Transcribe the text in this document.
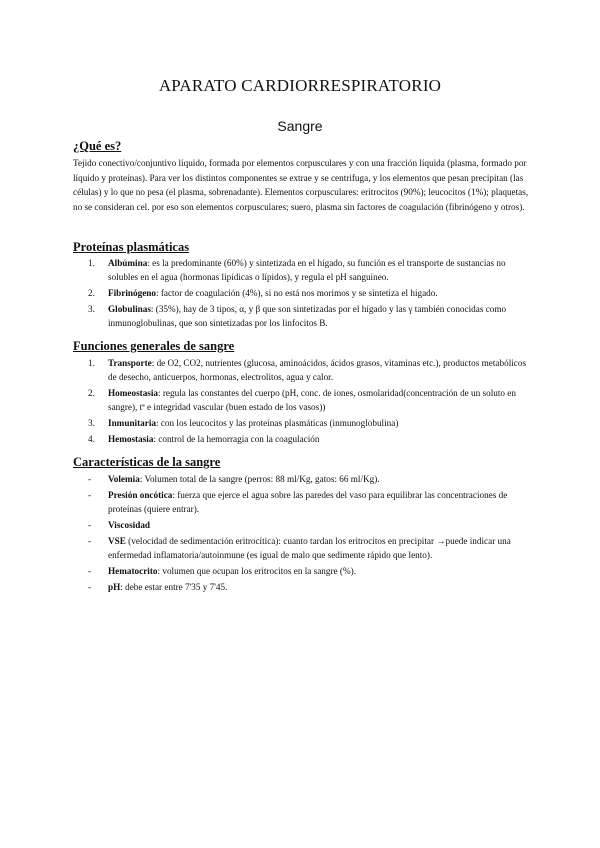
APARATO CARDIORRESPIRATORIO
Sangre
¿Qué es?
Tejido conectivo/conjuntivo líquido, formada por elementos corpusculares y con una fracción líquida (plasma, formado por líquido y proteínas). Para ver los distintos componentes se extrae y se centrifuga, y los elementos que pesan precipitan (las células) y lo que no pesa (el plasma, sobrenadante). Elementos corpusculares: eritrocitos (90%); leucocitos (1%); plaquetas, no se consideran cel. por eso son elementos corpusculares; suero, plasma sin factores de coagulación (fibrinógeno y otros).
Proteínas plasmáticas
1. Albúmina: es la predominante (60%) y sintetizada en el hígado, su función es el transporte de sustancias no solubles en el agua (hormonas lipídicas o lípidos), y regula el pH sanguíneo.
2. Fibrinógeno: factor de coagulación (4%), si no está nos morimos y se sintetiza el hígado.
3. Globulinas: (35%), hay de 3 tipos, α, y β que son sintetizadas por el hígado y las γ también conocidas como inmunoglobulinas, que son sintetizadas por los linfocitos B.
Funciones generales de sangre
1. Transporte: de O2, CO2, nutrientes (glucosa, aminoácidos, ácidos grasos, vitaminas etc.), productos metabólicos de desecho, anticuerpos, hormonas, electrolitos, agua y calor.
2. Homeostasia: regula las constantes del cuerpo (pH, conc. de iones, osmolaridad(concentración de un soluto en sangre), tª e integridad vascular (buen estado de los vasos))
3. Inmunitaria: con los leucocitos y las proteínas plasmáticas (inmunoglobulina)
4. Hemostasia: control de la hemorragia con la coagulación
Características de la sangre
- Volemia: Volumen total de la sangre (perros: 88 ml/Kg, gatos: 66 ml/Kg).
- Presión oncótica: fuerza que ejerce el agua sobre las paredes del vaso para equilibrar las concentraciones de proteínas (quiere entrar).
- Viscosidad
- VSE (velocidad de sedimentación eritrocítica): cuanto tardan los eritrocitos en precipitar →puede indicar una enfermedad inflamatoria/autoinmune (es igual de malo que sedimente rápido que lento).
- Hematocrito: volumen que ocupan los eritrocitos en la sangre (%).
- pH: debe estar entre 7'35 y 7'45.
